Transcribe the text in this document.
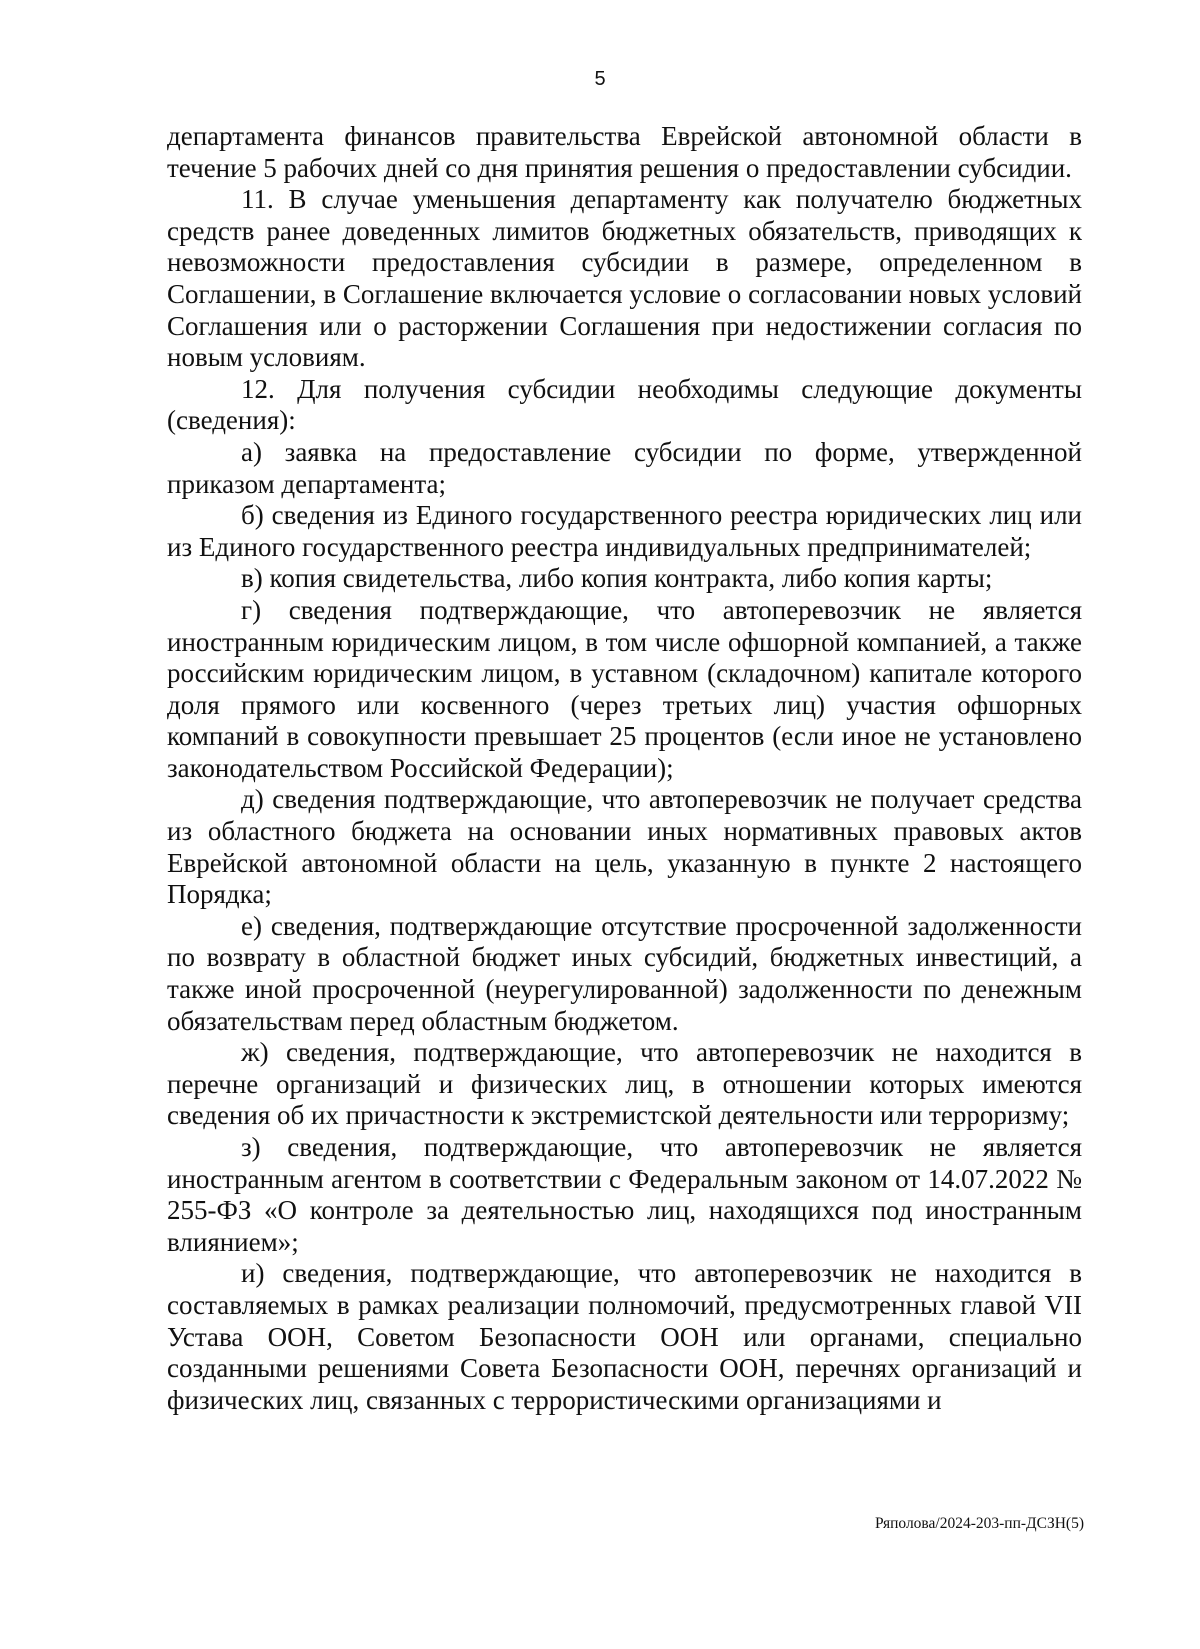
5

департамента финансов правительства Еврейской автономной области в течение 5 рабочих дней со дня принятия решения о предоставлении субсидии.

11. В случае уменьшения департаменту как получателю бюджетных средств ранее доведенных лимитов бюджетных обязательств, приводящих к невозможности предоставления субсидии в размере, определенном в Соглашении, в Соглашение включается условие о согласовании новых условий Соглашения или о расторжении Соглашения при недостижении согласия по новым условиям.

12. Для получения субсидии необходимы следующие документы (сведения):

а) заявка на предоставление субсидии по форме, утвержденной приказом департамента;

б) сведения из Единого государственного реестра юридических лиц или из Единого государственного реестра индивидуальных предпринимателей;

в) копия свидетельства, либо копия контракта, либо копия карты;

г) сведения подтверждающие, что автоперевозчик не является иностранным юридическим лицом, в том числе офшорной компанией, а также российским юридическим лицом, в уставном (складочном) капитале которого доля прямого или косвенного (через третьих лиц) участия офшорных компаний в совокупности превышает 25 процентов (если иное не установлено законодательством Российской Федерации);

д) сведения подтверждающие, что автоперевозчик не получает средства из областного бюджета на основании иных нормативных правовых актов Еврейской автономной области на цель, указанную в пункте 2 настоящего Порядка;

е) сведения, подтверждающие отсутствие просроченной задолженности по возврату в областной бюджет иных субсидий, бюджетных инвестиций, а также иной просроченной (неурегулированной) задолженности по денежным обязательствам перед областным бюджетом.

ж) сведения, подтверждающие, что автоперевозчик не находится в перечне организаций и физических лиц, в отношении которых имеются сведения об их причастности к экстремистской деятельности или терроризму;

з) сведения, подтверждающие, что автоперевозчик не является иностранным агентом в соответствии с Федеральным законом от 14.07.2022 № 255-ФЗ «О контроле за деятельностью лиц, находящихся под иностранным влиянием»;

и) сведения, подтверждающие, что автоперевозчик не находится в составляемых в рамках реализации полномочий, предусмотренных главой VII Устава ООН, Советом Безопасности ООН или органами, специально созданными решениями Совета Безопасности ООН, перечнях организаций и физических лиц, связанных с террористическими организациями и

Ряполова/2024-203-пп-ДСЗН(5)
